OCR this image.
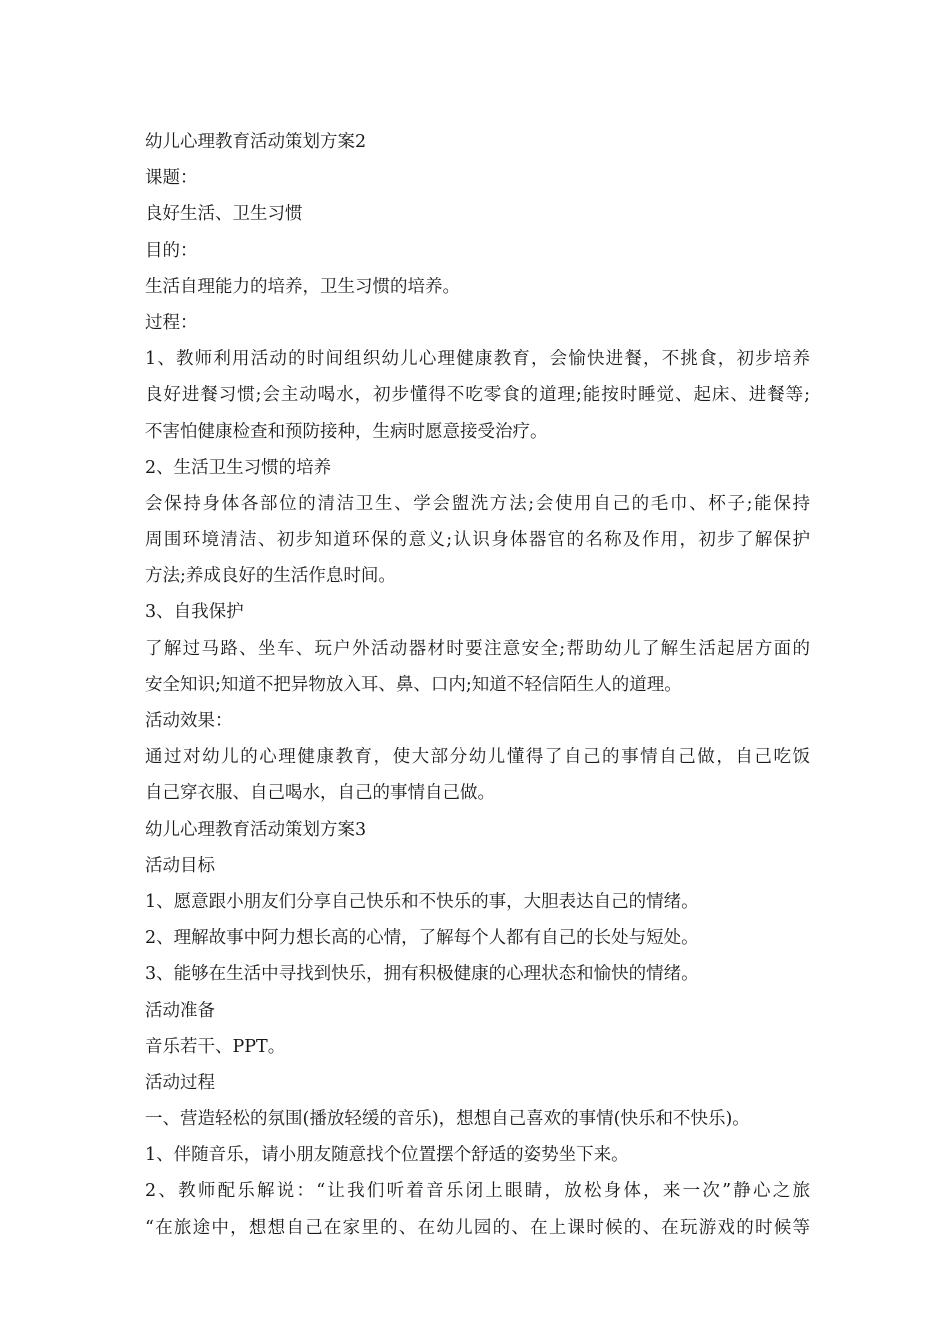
幼儿心理教育活动策划方案2
课题：
良好生活、卫生习惯
目的：
生活自理能力的培养，卫生习惯的培养。
过程：
1、教师利用活动的时间组织幼儿心理健康教育，会愉快进餐，不挑食，初步培养
良好进餐习惯;会主动喝水，初步懂得不吃零食的道理;能按时睡觉、起床、进餐等;
不害怕健康检查和预防接种，生病时愿意接受治疗。
2、生活卫生习惯的培养
会保持身体各部位的清洁卫生、学会盥洗方法;会使用自己的毛巾、杯子;能保持
周围环境清洁、初步知道环保的意义;认识身体器官的名称及作用，初步了解保护
方法;养成良好的生活作息时间。
3、自我保护
了解过马路、坐车、玩户外活动器材时要注意安全;帮助幼儿了解生活起居方面的
安全知识;知道不把异物放入耳、鼻、口内;知道不轻信陌生人的道理。
活动效果：
通过对幼儿的心理健康教育，使大部分幼儿懂得了自己的事情自己做，自己吃饭
自己穿衣服、自己喝水，自己的事情自己做。
幼儿心理教育活动策划方案3
活动目标
1、愿意跟小朋友们分享自己快乐和不快乐的事，大胆表达自己的情绪。
2、理解故事中阿力想长高的心情，了解每个人都有自己的长处与短处。
3、能够在生活中寻找到快乐，拥有积极健康的心理状态和愉快的情绪。
活动准备
音乐若干、PPT。
活动过程
一、营造轻松的氛围(播放轻缓的音乐)，想想自己喜欢的事情(快乐和不快乐)。
1、伴随音乐，请小朋友随意找个位置摆个舒适的姿势坐下来。
2、教师配乐解说：“让我们听着音乐闭上眼睛，放松身体，来一次”静心之旅
“在旅途中，想想自己在家里的、在幼儿园的、在上课时候的、在玩游戏的时候等
